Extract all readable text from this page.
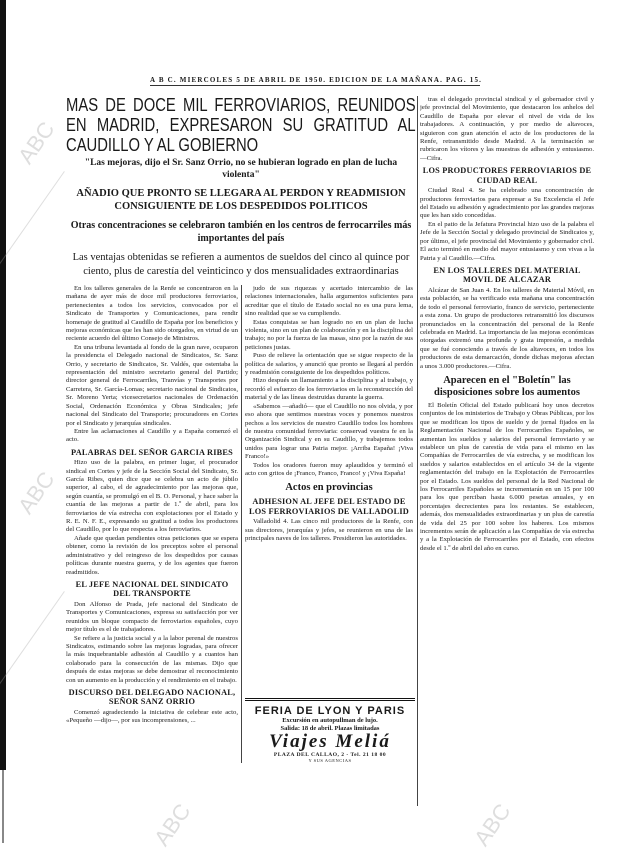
ABC
ABC
ABC	ABC
A B C. MIERCOLES 5 DE ABRIL DE 1950. EDICION DE LA MAÑANA. PAG. 15.
MAS DE DOCE MIL FERROVIARIOS, REUNIDOS EN MADRID, EXPRESARON SU GRATITUD AL CAUDILLO Y AL GOBIERNO
"Las mejoras, dijo el Sr. Sanz Orrio, no se hubieran logrado en plan de lucha violenta"
AÑADIO QUE PRONTO SE LLEGARA AL PERDON Y READMISION CONSIGUIENTE DE LOS DESPEDIDOS POLITICOS
Otras concentraciones se celebraron también en los centros de ferrocarriles más importantes del país
Las ventajas obtenidas se refieren a aumentos de sueldos del cinco al quince por ciento, plus de carestía del veinticinco y dos mensualidades extraordinarias

En los talleres generales de la Renfe se concentraron en la mañana de ayer más de doce mil productores ferroviarios, pertenecientes a todos los servicios, convocados por el Sindicato de Transportes y Comunicaciones, para rendir homenaje de gratitud al Caudillo de España por los beneficios y mejoras económicas que les han sido otorgados, en virtud de un reciente acuerdo del último Consejo de Ministros.

En una tribuna levantada al fondo de la gran nave, ocuparon la presidencia el Delegado nacional de Sindicatos, Sr. Sanz Orrio, y secretario de Sindicatos, Sr. Valdés, que ostentaba la representación del ministro secretario general del Partido; director general de Ferrocarriles, Tranvías y Transportes por Carretera, Sr. García-Lomas; secretario nacional de Sindicatos, Sr. Moreno Yerta; vicesecretarios nacionales de Ordenación Social, Ordenación Económica y Obras Sindicales; jefe nacional del Sindicato del Transporte; procuradores en Cortes por el Sindicato y jerarquías sindicales.

Entre las aclamaciones al Caudillo y a España comenzó el acto.

PALABRAS DEL SEÑOR GARCIA RIBES

Hizo uso de la palabra, en primer lugar, el procurador sindical en Cortes y jefe de la Sección Social del Sindicato, Sr. García Ribes, quien dice que se celebra un acto de júbilo superior, al cabo, el de agradecimiento por las mejoras que, según cuantía, se promulgó en el B. O. Personal, y hace saber la cuantía de las mejoras a partir de 1.º de abril, para los ferroviarios de vía estrecha con explotaciones por el Estado y R. E. N. F. E., expresando su gratitud a todos los productores del Caudillo, por lo que respecta a los ferroviarios.

Añade que quedan pendientes otras peticiones que se espera obtener, como la revisión de los preceptos sobre el personal administrativo y del reingreso de los despedidos por causas políticas durante nuestra guerra, y de los agentes que fueron readmitidos.

EL JEFE NACIONAL DEL SINDICATO DEL TRANSPORTE

Don Alfonso de Prada, jefe nacional del Sindicato de Transportes y Comunicaciones, expresa su satisfacción por ver reunidos un bloque compacto de ferroviarios españoles, cuyo mejor título es el de trabajadores.

Se refiere a la justicia social y a la labor perenal de nuestros Sindicatos, estimando sobre las mejoras logradas, para ofrecer la más inquebrantable adhesión al Caudillo y a cuantos han colaborado para la consecución de las mismas. Dijo que después de estas mejoras se debe demostrar el reconocimiento con un aumento en la producción y el rendimiento en el trabajo.

DISCURSO DEL DELEGADO NACIONAL, SEÑOR SANZ ORRIO

Comenzó agradeciendo la iniciativa de celebrar este acto, «Pequeño —dijo—, por sus incomprensiones, ...

judo de sus riquezas y acertado intercambio de las relaciones internacionales, halla argumentos suficientes para acreditar que el título de Estado social no es una pura lema, sino realidad que se va cumpliendo.

Estas conquistas se han logrado no en un plan de lucha violenta, sino en un plan de colaboración y en la disciplina del trabajo; no por la fuerza de las masas, sino por la razón de sus peticiones justas.

Puso de relieve la orientación que se sigue respecto de la política de salarios, y anunció que pronto se llegará al perdón y readmisión consiguiente de los despedidos políticos.

Hizo después un llamamiento a la disciplina y al trabajo, y recordó el esfuerzo de los ferroviarios en la reconstrucción del material y de las líneas destruidas durante la guerra.

«Sabemos —añadió— que el Caudillo no nos olvida, y por eso ahora que sentimos nuestras voces y ponemos nuestros pechos a los servicios de nuestro Caudillo todos los hombres de nuestra comunidad ferroviaria: conservad vuestra fe en la Organización Sindical y en su Caudillo, y trabajemos todos unidos para lograr una Patria mejor. ¡Arriba España! ¡Viva Franco!»

Todos los oradores fueron muy aplaudidos y terminó el acto con gritos de ¡Franco, Franco, Franco! y ¡Viva España!

Actos en provincias
ADHESION AL JEFE DEL ESTADO DE LOS FERROVIARIOS DE VALLADOLID

Valladolid 4. Las cinco mil productores de la Renfe, con sus directores, jerarquías y jefes, se reunieron en una de las principales naves de los talleres. Presidieron las autoridades.

FERIA DE LYON Y PARIS
Excursión en autopullman de lujo.
Salida: 18 de abril. Plazas limitadas
Viajes Meliá
PLAZA DEL CALLAO, 2 - Tel. 21 18 00
Y SUS AGENCIAS

tras el delegado provincial sindical y el gobernador civil y jefe provincial del Movimiento, que destacaron los anhelos del Caudillo de España por elevar el nivel de vida de los trabajadores. A continuación, y por medio de altavoces, siguieron con gran atención el acto de los productores de la Renfe, retransmitido desde Madrid. A la terminación se rubricaron los vítores y las muestras de adhesión y entusiasmo.—Cifra.

LOS PRODUCTORES FERROVIARIOS DE CIUDAD REAL

Ciudad Real 4. Se ha celebrado una concentración de productores ferroviarios para expresar a Su Excelencia el Jefe del Estado su adhesión y agradecimiento por las grandes mejoras que les han sido concedidas.

En el patio de la Jefatura Provincial hizo uso de la palabra el Jefe de la Sección Social y delegado provincial de Sindicatos y, por último, el jefe provincial del Movimiento y gobernador civil. El acto terminó en medio del mayor entusiasmo y con vivas a la Patria y al Caudillo.—Cifra.

EN LOS TALLERES DEL MATERIAL MOVIL DE ALCAZAR

Alcázar de San Juan 4. En los talleres de Material Móvil, en esta población, se ha verificado esta mañana una concentración de todo el personal ferroviario, franco de servicio, perteneciente a esta zona. Un grupo de productores retransmitió los discursos pronunciados en la concentración del personal de la Renfe celebrada en Madrid. La importancia de las mejoras económicas otorgadas extremó una profunda y grata impresión, a medida que se fué conociendo a través de los altavoces, en todos los productores de esta demarcación, donde dichas mejoras afectan a unos 3.000 productores.—Cifra.

Aparecen en el "Boletín" las disposiciones sobre los aumentos

El Boletín Oficial del Estado publicará hoy unos decretos conjuntos de los ministerios de Trabajo y Obras Públicas, por los que se modifican los tipos de sueldo y de jornal fijados en la Reglamentación Nacional de los Ferrocarriles Españoles, se aumentan los sueldos y salarios del personal ferroviario y se establece un plus de carestía de vida para el mismo en las Compañías de Ferrocarriles de vía estrecha, y se modifican los sueldos y salarios establecidos en el artículo 34 de la vigente reglamentación del trabajo en la Explotación de Ferrocarriles por el Estado. Los sueldos del personal de la Red Nacional de los Ferrocarriles Españoles se incrementarán en un 15 por 100 para los que perciban hasta 6.000 pesetas anuales, y en porcentajes decrecientes para los restantes. Se establecen, además, dos mensualidades extraordinarias y un plus de carestía de vida del 25 por 100 sobre los haberes. Los mismos incrementos serán de aplicación a las Compañías de vía estrecha y a la Explotación de Ferrocarriles por el Estado, con efectos desde el 1.º de abril del año en curso.
